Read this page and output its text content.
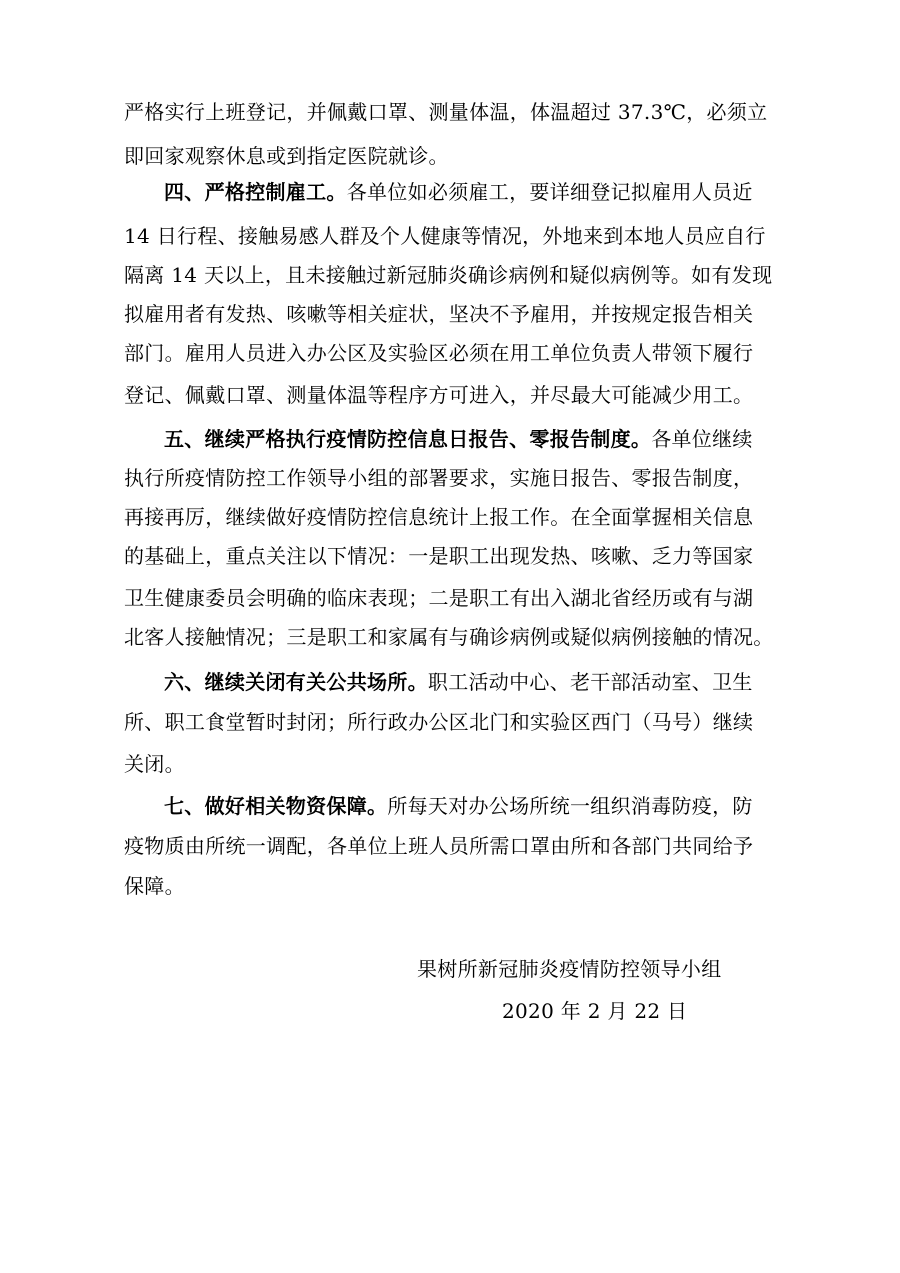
严格实行上班登记，并佩戴口罩、测量体温，体温超过 37.3℃，必须立
即回家观察休息或到指定医院就诊。
四、严格控制雇工。各单位如必须雇工，要详细登记拟雇用人员近
14 日行程、接触易感人群及个人健康等情况，外地来到本地人员应自行
隔离 14 天以上，且未接触过新冠肺炎确诊病例和疑似病例等。如有发现
拟雇用者有发热、咳嗽等相关症状，坚决不予雇用，并按规定报告相关
部门。雇用人员进入办公区及实验区必须在用工单位负责人带领下履行
登记、佩戴口罩、测量体温等程序方可进入，并尽最大可能减少用工。
五、继续严格执行疫情防控信息日报告、零报告制度。各单位继续
执行所疫情防控工作领导小组的部署要求，实施日报告、零报告制度，
再接再厉，继续做好疫情防控信息统计上报工作。在全面掌握相关信息
的基础上，重点关注以下情况：一是职工出现发热、咳嗽、乏力等国家
卫生健康委员会明确的临床表现；二是职工有出入湖北省经历或有与湖
北客人接触情况；三是职工和家属有与确诊病例或疑似病例接触的情况。
六、继续关闭有关公共场所。职工活动中心、老干部活动室、卫生
所、职工食堂暂时封闭；所行政办公区北门和实验区西门（马号）继续
关闭。
七、做好相关物资保障。所每天对办公场所统一组织消毒防疫，防
疫物质由所统一调配，各单位上班人员所需口罩由所和各部门共同给予
保障。
果树所新冠肺炎疫情防控领导小组
2020 年 2 月 22 日
